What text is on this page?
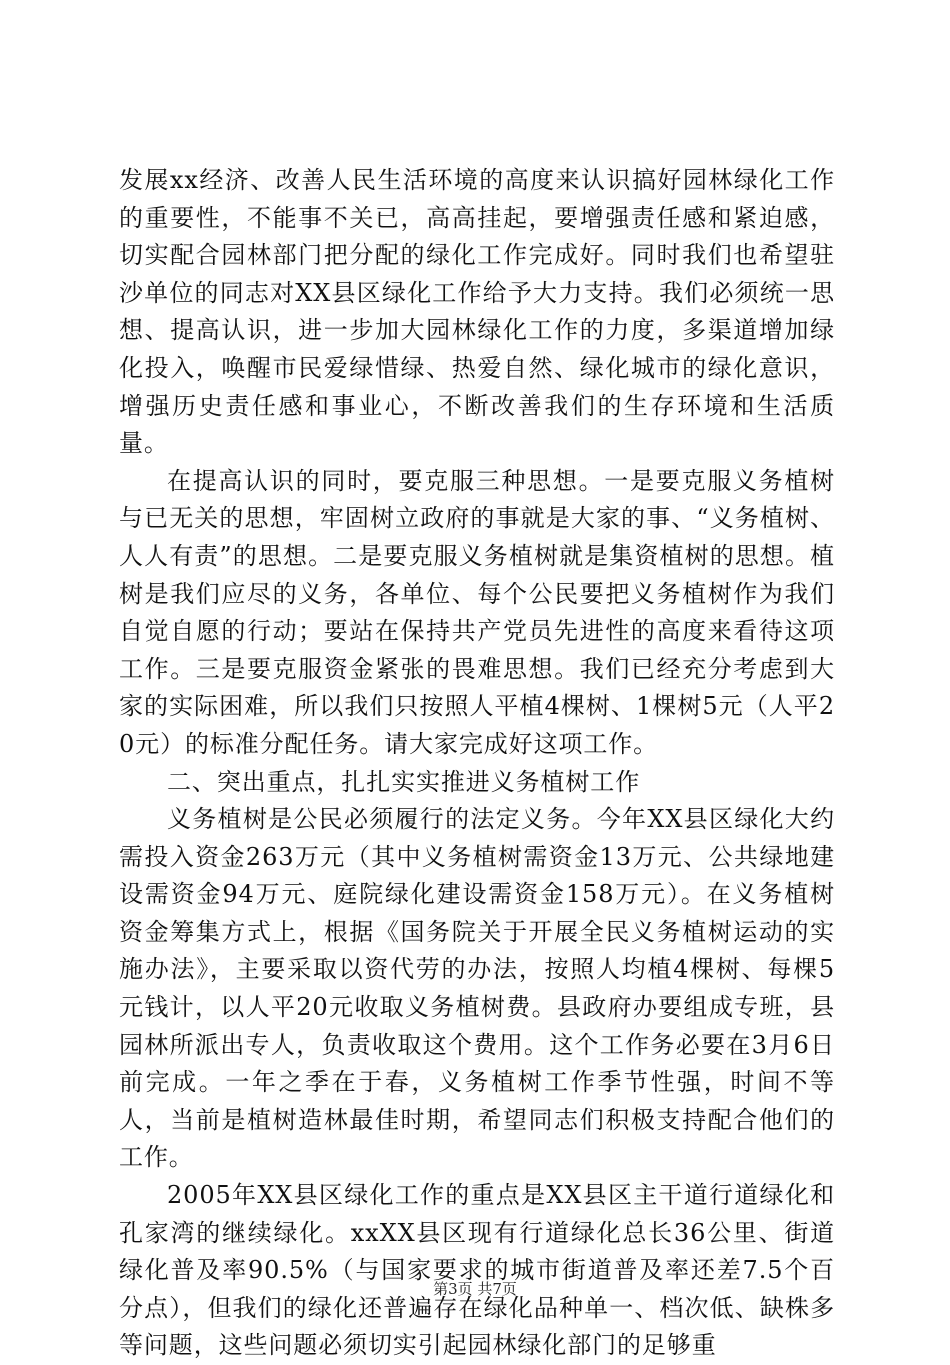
发展xx经济、改善人民生活环境的高度来认识搞好园林绿化工作的重要性，不能事不关已，高高挂起，要增强责任感和紧迫感，切实配合园林部门把分配的绿化工作完成好。同时我们也希望驻沙单位的同志对XX县区绿化工作给予大力支持。我们必须统一思想、提高认识，进一步加大园林绿化工作的力度，多渠道增加绿化投入，唤醒市民爱绿惜绿、热爱自然、绿化城市的绿化意识，增强历史责任感和事业心，不断改善我们的生存环境和生活质量。

在提高认识的同时，要克服三种思想。一是要克服义务植树与已无关的思想，牢固树立政府的事就是大家的事、“义务植树、人人有责”的思想。二是要克服义务植树就是集资植树的思想。植树是我们应尽的义务，各单位、每个公民要把义务植树作为我们自觉自愿的行动；要站在保持共产党员先进性的高度来看待这项工作。三是要克服资金紧张的畏难思想。我们已经充分考虑到大家的实际困难，所以我们只按照人平植4棵树、1棵树5元（人平20元）的标准分配任务。请大家完成好这项工作。

二、突出重点，扎扎实实推进义务植树工作

义务植树是公民必须履行的法定义务。今年XX县区绿化大约需投入资金263万元（其中义务植树需资金13万元、公共绿地建设需资金94万元、庭院绿化建设需资金158万元）。在义务植树资金筹集方式上，根据《国务院关于开展全民义务植树运动的实施办法》，主要采取以资代劳的办法，按照人均植4棵树、每棵5元钱计，以人平20元收取义务植树费。县政府办要组成专班，县园林所派出专人，负责收取这个费用。这个工作务必要在3月6日前完成。一年之季在于春，义务植树工作季节性强，时间不等人，当前是植树造林最佳时期，希望同志们积极支持配合他们的工作。

2005年XX县区绿化工作的重点是XX县区主干道行道绿化和孔家湾的继续绿化。xxXX县区现有行道绿化总长36公里、街道绿化普及率90.5%（与国家要求的城市街道普及率还差7.5个百分点），但我们的绿化还普遍存在绿化品种单一、档次低、缺株多等问题，这些问题必须切实引起园林绿化部门的足够重

第3页 共7页
